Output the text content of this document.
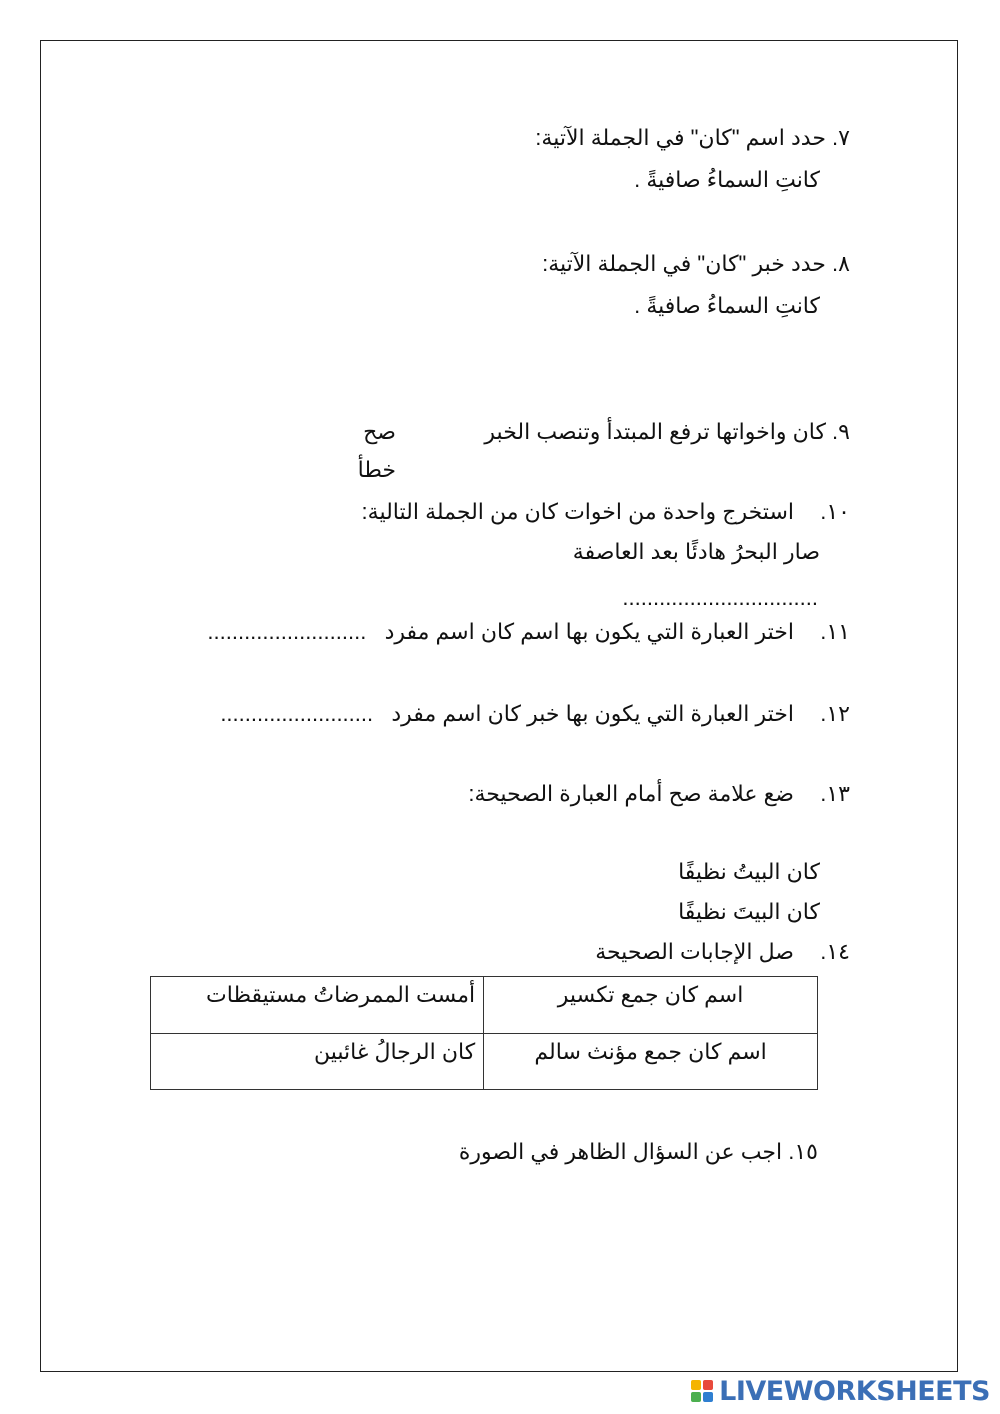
٧. حدد اسم "كان" في الجملة الآتية:
كانتِ السماءُ صافيةً .
٨. حدد خبر "كان" في الجملة الآتية:
كانتِ السماءُ صافيةً .
٩. كان واخواتها ترفع المبتدأ وتنصب الخبر
صح
خطأ
١٠.  استخرج واحدة من اخوات كان من الجملة التالية:
صار البحرُ هادئًا بعد العاصفة
................................
١١.  اختر العبارة التي يكون بها اسم كان اسم مفرد  ..........................
١٢.  اختر العبارة التي يكون بها خبر كان اسم مفرد  .........................
١٣.  ضع علامة صح أمام العبارة الصحيحة:
كان البيتُ نظيفًا
كان البيتَ نظيفًا
١٤.  صل الإجابات الصحيحة
اسم كان جمع تكسير	أمست الممرضاتُ مستيقظات
اسم كان جمع مؤنث سالم	كان الرجالُ غائبين
١٥. اجب عن السؤال الظاهر في الصورة
LIVEWORKSHEETS
